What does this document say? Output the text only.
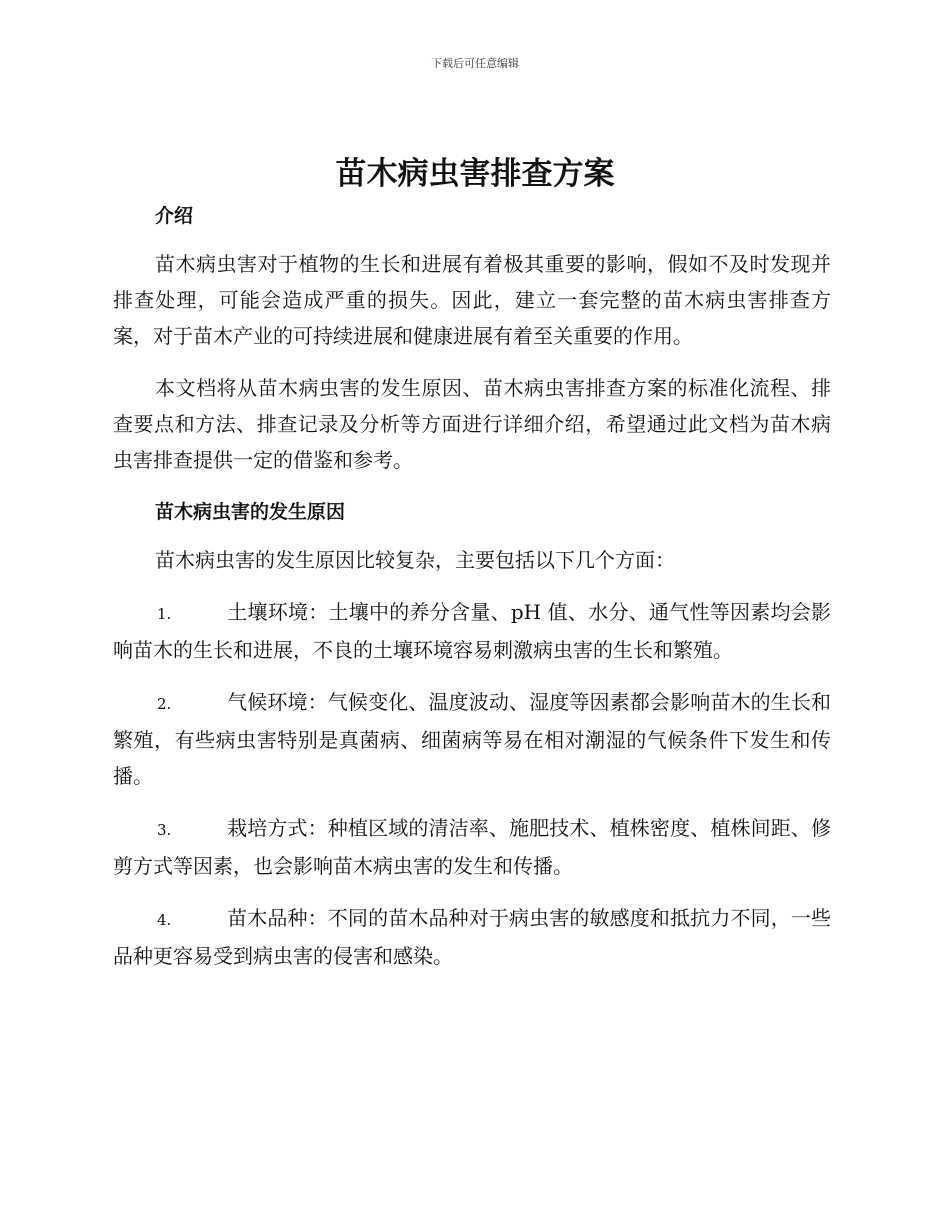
下载后可任意编辑
苗木病虫害排查方案
介绍

苗木病虫害对于植物的生长和进展有着极其重要的影响，假如不及时发现并排查处理，可能会造成严重的损失。因此，建立一套完整的苗木病虫害排查方案，对于苗木产业的可持续进展和健康进展有着至关重要的作用。

本文档将从苗木病虫害的发生原因、苗木病虫害排查方案的标准化流程、排查要点和方法、排查记录及分析等方面进行详细介绍，希望通过此文档为苗木病虫害排查提供一定的借鉴和参考。

苗木病虫害的发生原因

苗木病虫害的发生原因比较复杂，主要包括以下几个方面：

1.	土壤环境：土壤中的养分含量、pH 值、水分、通气性等因素均会影响苗木的生长和进展，不良的土壤环境容易刺激病虫害的生长和繁殖。

2.	气候环境：气候变化、温度波动、湿度等因素都会影响苗木的生长和繁殖，有些病虫害特别是真菌病、细菌病等易在相对潮湿的气候条件下发生和传播。

3.	栽培方式：种植区域的清洁率、施肥技术、植株密度、植株间距、修剪方式等因素，也会影响苗木病虫害的发生和传播。

4.	苗木品种：不同的苗木品种对于病虫害的敏感度和抵抗力不同，一些品种更容易受到病虫害的侵害和感染。
